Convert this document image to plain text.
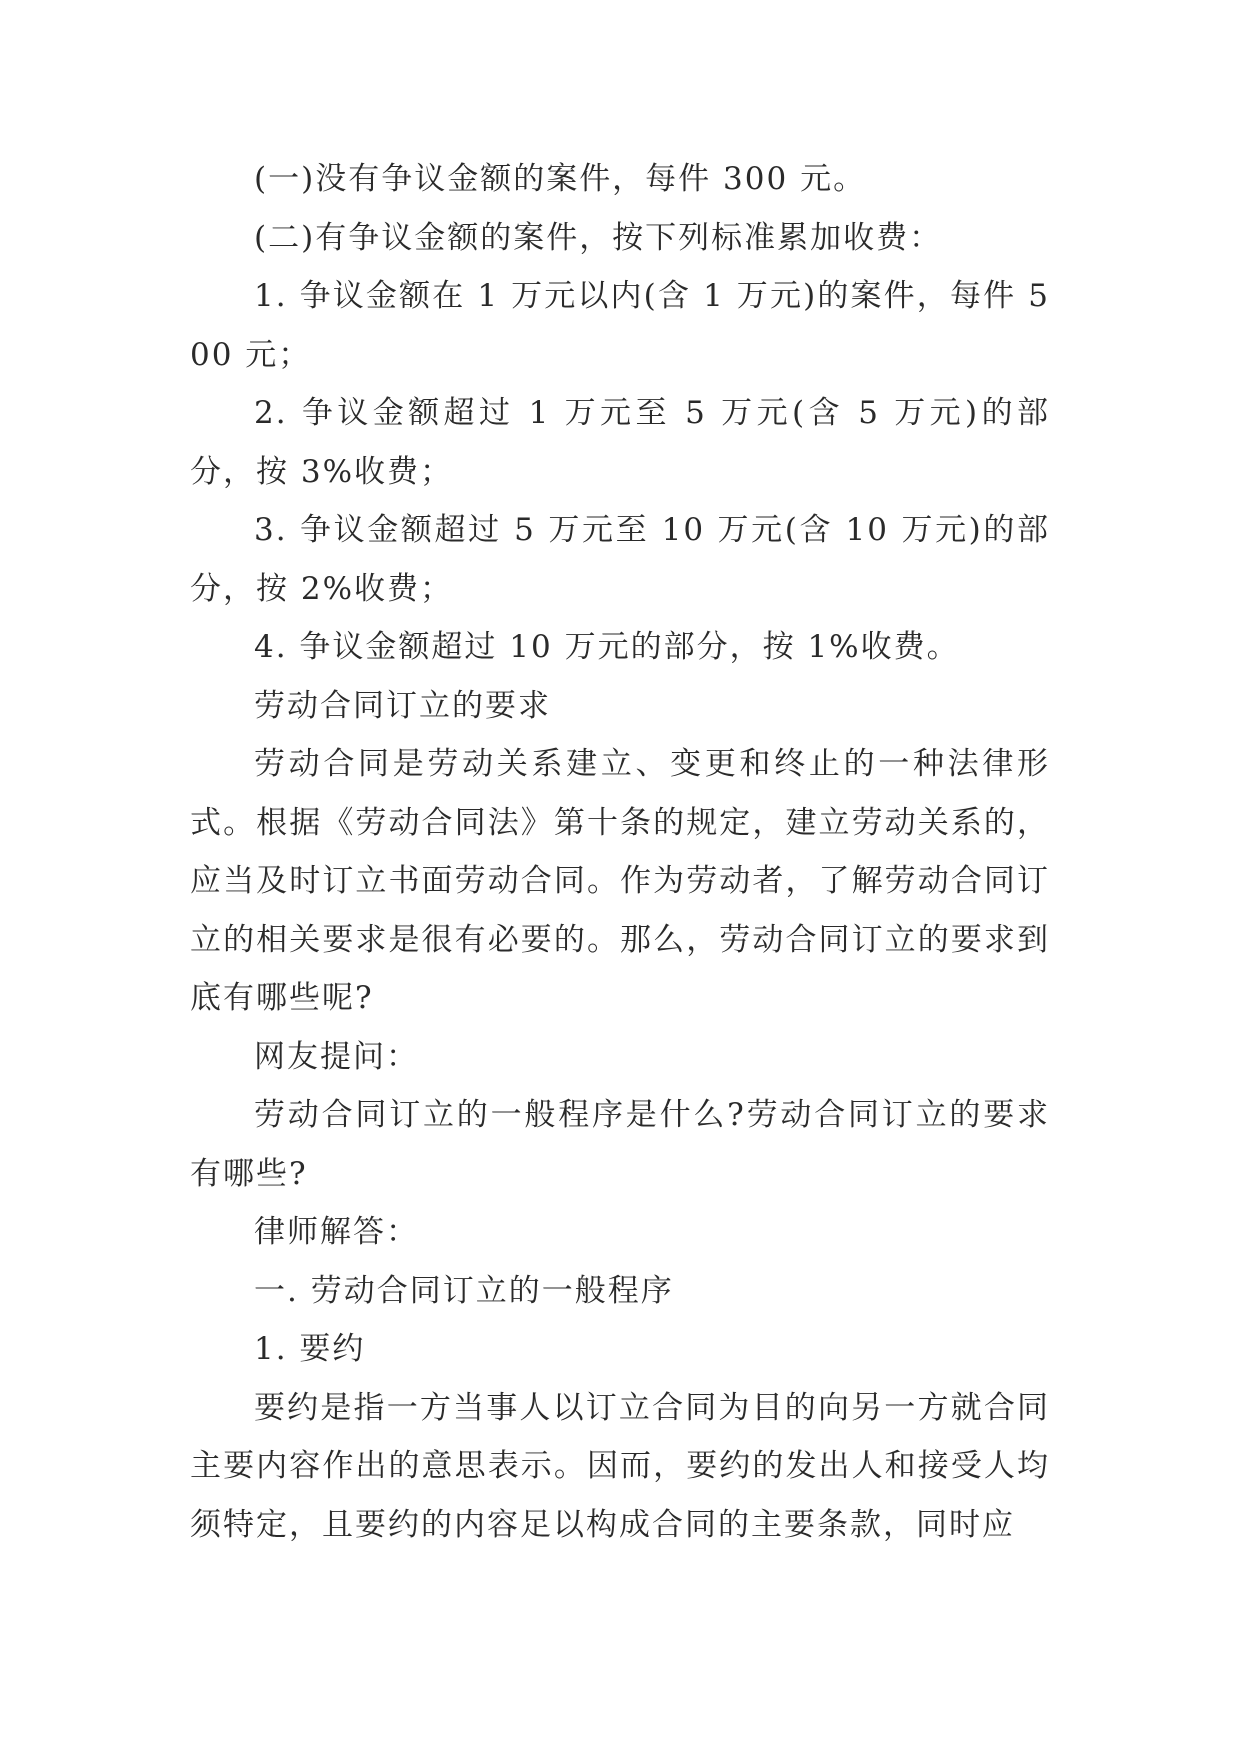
(一)没有争议金额的案件，每件 300 元。

(二)有争议金额的案件，按下列标准累加收费：

1. 争议金额在 1 万元以内(含 1 万元)的案件，每件 500 元；

2. 争议金额超过 1 万元至 5 万元(含 5 万元)的部分，按 3%收费；

3. 争议金额超过 5 万元至 10 万元(含 10 万元)的部分，按 2%收费；

4. 争议金额超过 10 万元的部分，按 1%收费。

劳动合同订立的要求

劳动合同是劳动关系建立、变更和终止的一种法律形式。根据《劳动合同法》第十条的规定，建立劳动关系的，应当及时订立书面劳动合同。作为劳动者，了解劳动合同订立的相关要求是很有必要的。那么，劳动合同订立的要求到底有哪些呢?

网友提问：

劳动合同订立的一般程序是什么?劳动合同订立的要求有哪些?

律师解答：

一. 劳动合同订立的一般程序

1. 要约

要约是指一方当事人以订立合同为目的向另一方就合同主要内容作出的意思表示。因而，要约的发出人和接受人均须特定，且要约的内容足以构成合同的主要条款，同时应
